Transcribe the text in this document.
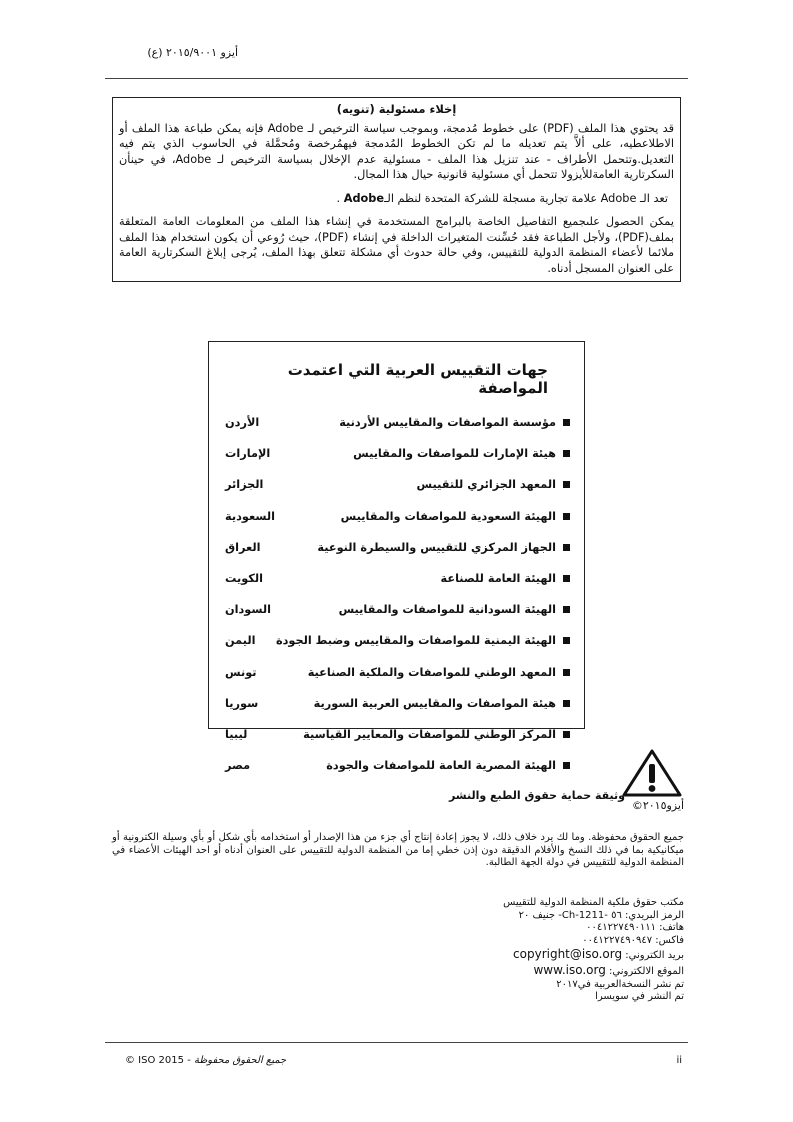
أيزو ٢٠١٥/٩٠٠١ (ع)
إخلاء مسئولية (تنويه)

قد يحتوي هذا الملف (PDF) على خطوط مُدمجة، وبموجب سياسة الترخيص لـ Adobe فإنه يمكن طباعة هذا الملف أو الاطلاعطيه، على ألاَّ يتم تعديله ما لم تكن الخطوط المُدمجة فيهمُرخصة ومُحمَّلة في الحاسوب الذي يتم فيه التعديل.وتتحمل الأطراف - عند تنزيل هذا الملف - مسئولية عدم الإخلال بسياسة الترخيص لـ Adobe، في حينأن السكرتارية العامةللأيزولا تتحمل أي مسئولية قانونية حيال هذا المجال.

تعد الـ Adobe علامة تجارية مسجلة للشركة المتحدة لنظم الـAdobe .

يمكن الحصول علىجميع التفاصيل الخاصة بالبرامج المستخدمة في إنشاء هذا الملف من المعلومات العامة المتعلقة بملف(PDF)، ولأجل الطباعة فقد حُسِّنت المتغيرات الداخلة في إنشاء (PDF)، حيث رُوعي أن يكون استخدام هذا الملف ملائما لأعضاء المنظمة الدولية للتقييس، وفي حالة حدوث أي مشكلة تتعلق بهذا الملف، يُرجى إبلاغ السكرتارية العامة على العنوان المسجل أدناه.

جهات التقييس العربية التي اعتمدت المواصفة
مؤسسة المواصفات والمقاييس الأردنية
الأردن
هيئة الإمارات للمواصفات والمقاييس
الإمارات
المعهد الجزائري للتقييس
الجزائر
الهيئة السعودية للمواصفات والمقاييس
السعودية
الجهاز المركزي للتقييس والسيطرة النوعية
العراق
الهيئة العامة للصناعة
الكويت
الهيئة السودانية للمواصفات والمقاييس
السودان
الهيئة اليمنية للمواصفات والمقاييس وضبط الجودة
اليمن
المعهد الوطني للمواصفات والملكية الصناعية
تونس
هيئة المواصفات والمقاييس العربية السورية
سوريا
المركز الوطني للمواصفات والمعايير القياسية
ليبيا
الهيئة المصرية العامة للمواصفات والجودة
مصر
وثيقة حماية حقوق الطبع والنشر
أيزو٢٠١٥©

جميع الحقوق محفوظة. وما لك يرد خلاف ذلك، لا يجوز إعادة إنتاج أي جزء من هذا الإصدار أو استخدامه بأي شكل أو بأي وسيلة الكترونية أو ميكانيكية بما في ذلك النسخ والأفلام الدقيقة دون إذن خطي إما من المنظمة الدولية للتقييس على العنوان أدناه أو احد الهيئات الأعضاء في المنظمة الدولية للتقييس في دولة الجهة الطالبة.

مكتب حقوق ملكية المنظمة الدولية للتقييس
الرمز البريدي: ٥٦ -Ch-1211- جنيف ٢٠
هاتف: ٠٠٤١٢٢٧٤٩٠١١١
فاكس: ٠٠٤١٢٢٧٤٩٠٩٤٧
بريد الكتروني: copyright@iso.org
الموقع الالكتروني: www.iso.org
تم نشر النسخةالعربية في٢٠١٧
تم النشر في سويسرا
ii
جميع الحقوق محفوظة © ISO 2015 -
